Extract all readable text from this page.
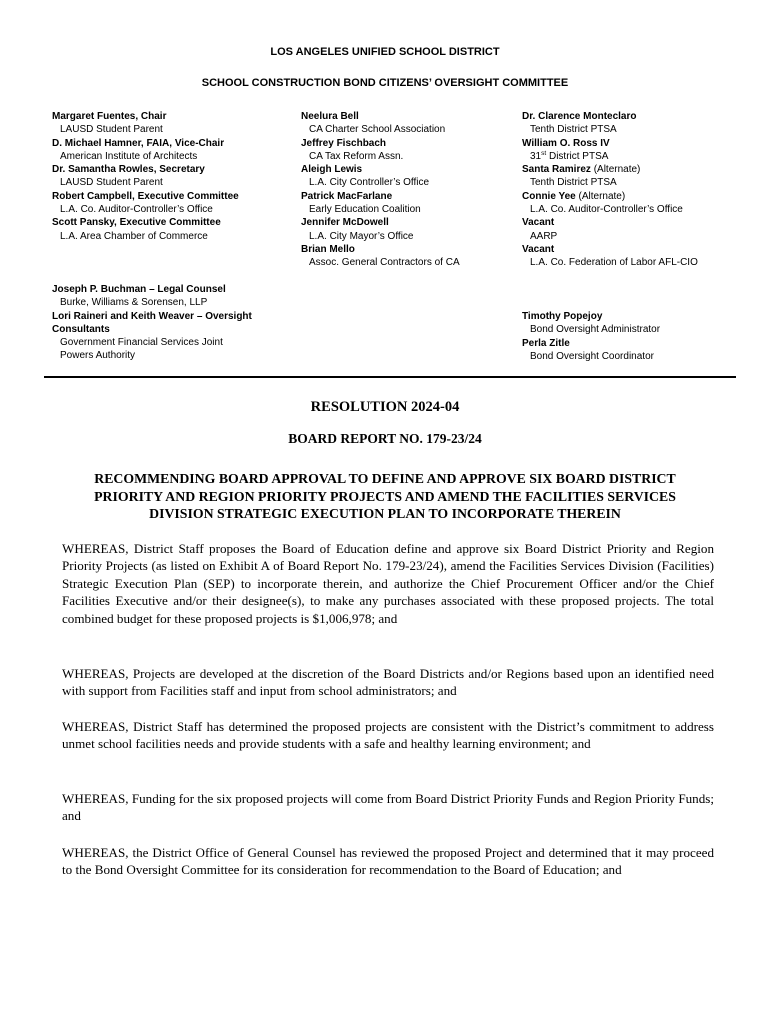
LOS ANGELES UNIFIED SCHOOL DISTRICT
SCHOOL CONSTRUCTION BOND CITIZENS’ OVERSIGHT COMMITTEE
Margaret Fuentes, Chair
LAUSD Student Parent
D. Michael Hamner, FAIA, Vice-Chair
American Institute of Architects
Dr. Samantha Rowles, Secretary
LAUSD Student Parent
Robert Campbell, Executive Committee
L.A. Co. Auditor-Controller’s Office
Scott Pansky, Executive Committee
L.A. Area Chamber of Commerce
Neelura Bell
CA Charter School Association
Jeffrey Fischbach
CA Tax Reform Assn.
Aleigh Lewis
L.A. City Controller’s Office
Patrick MacFarlane
Early Education Coalition
Jennifer McDowell
L.A. City Mayor’s Office
Brian Mello
Assoc. General Contractors of CA
Dr. Clarence Monteclaro
Tenth District PTSA
William O. Ross IV
31st District PTSA
Santa Ramirez (Alternate)
Tenth District PTSA
Connie Yee (Alternate)
L.A. Co. Auditor-Controller’s Office
Vacant
AARP
Vacant
L.A. Co. Federation of Labor AFL-CIO
Joseph P. Buchman – Legal Counsel
Burke, Williams & Sorensen, LLP
Lori Raineri and Keith Weaver – Oversight
Consultants
Government Financial Services Joint
Powers Authority
Timothy Popejoy
Bond Oversight Administrator
Perla Zitle
Bond Oversight Coordinator
RESOLUTION 2024-04
BOARD REPORT NO. 179-23/24
RECOMMENDING BOARD APPROVAL TO DEFINE AND APPROVE SIX BOARD DISTRICT
PRIORITY AND REGION PRIORITY PROJECTS AND AMEND THE FACILITIES SERVICES
DIVISION STRATEGIC EXECUTION PLAN TO INCORPORATE THEREIN
WHEREAS, District Staff proposes the Board of Education define and approve six Board District Priority and Region Priority Projects (as listed on Exhibit A of Board Report No. 179-23/24), amend the Facilities Services Division (Facilities) Strategic Execution Plan (SEP) to incorporate therein, and authorize the Chief Procurement Officer and/or the Chief Facilities Executive and/or their designee(s), to make any purchases associated with these proposed projects. The total combined budget for these proposed projects is $1,006,978; and
WHEREAS, Projects are developed at the discretion of the Board Districts and/or Regions based upon an identified need with support from Facilities staff and input from school administrators; and
WHEREAS, District Staff has determined the proposed projects are consistent with the District’s commitment to address unmet school facilities needs and provide students with a safe and healthy learning environment; and
WHEREAS, Funding for the six proposed projects will come from Board District Priority Funds and Region Priority Funds; and
WHEREAS, the District Office of General Counsel has reviewed the proposed Project and determined that it may proceed to the Bond Oversight Committee for its consideration for recommendation to the Board of Education; and
